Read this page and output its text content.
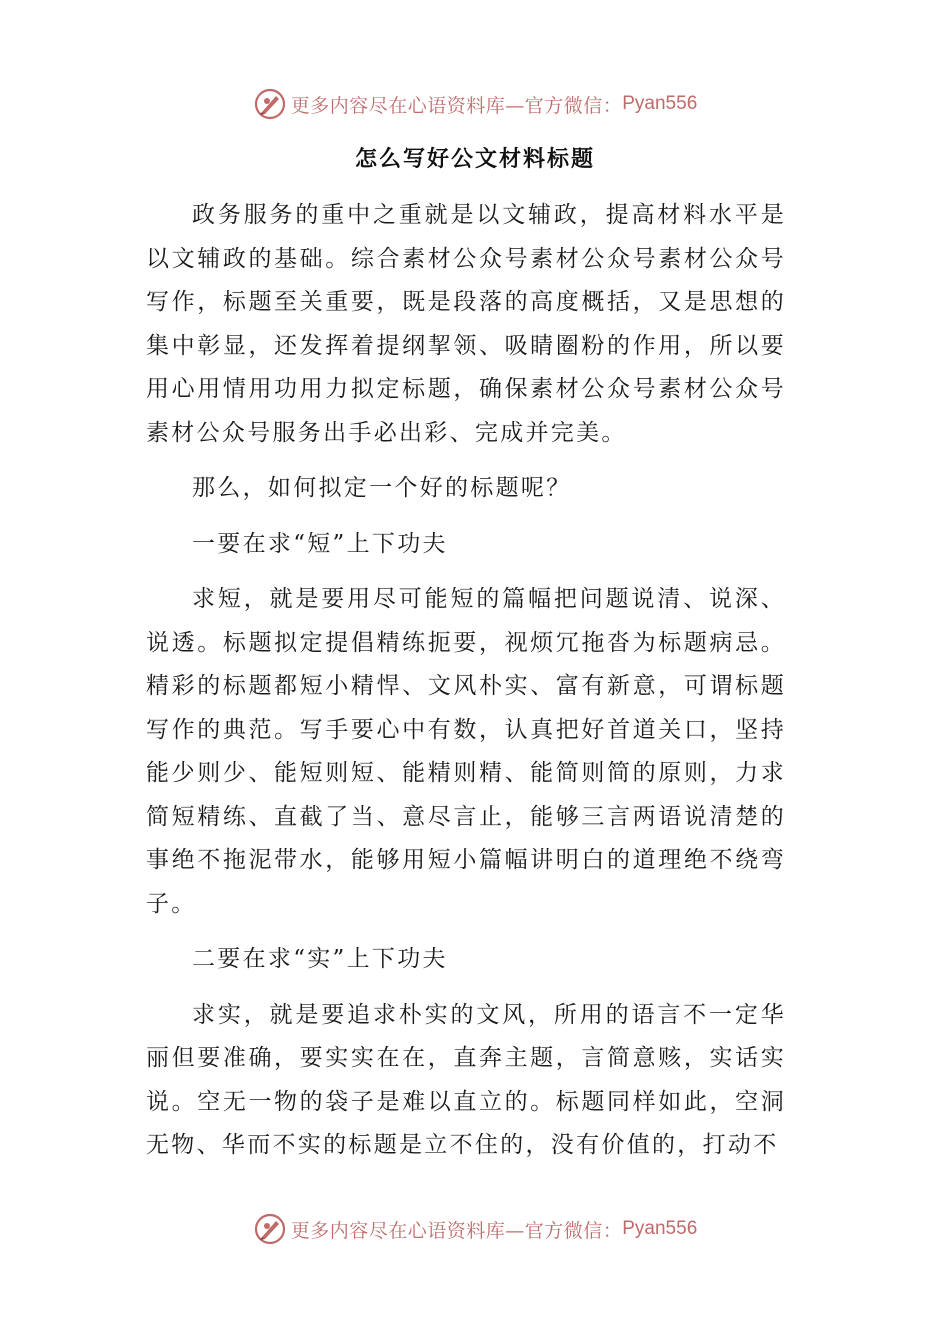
更多内容尽在心语资料库—官方微信： Pyan556
怎么写好公文材料标题

政务服务的重中之重就是以文辅政，提高材料水平是以文辅政的基础。综合素材公众号素材公众号素材公众号写作，标题至关重要，既是段落的高度概括，又是思想的集中彰显，还发挥着提纲挈领、吸睛圈粉的作用，所以要用心用情用功用力拟定标题，确保素材公众号素材公众号素材公众号服务出手必出彩、完成并完美。

那么，如何拟定一个好的标题呢？

一要在求“短”上下功夫

求短，就是要用尽可能短的篇幅把问题说清、说深、说透。标题拟定提倡精练扼要，视烦冗拖沓为标题病忌。精彩的标题都短小精悍、文风朴实、富有新意，可谓标题写作的典范。写手要心中有数，认真把好首道关口，坚持能少则少、能短则短、能精则精、能简则简的原则，力求简短精练、直截了当、意尽言止，能够三言两语说清楚的事绝不拖泥带水，能够用短小篇幅讲明白的道理绝不绕弯子。

二要在求“实”上下功夫

求实，就是要追求朴实的文风，所用的语言不一定华丽但要准确，要实实在在，直奔主题，言简意赅，实话实说。空无一物的袋子是难以直立的。标题同样如此，空洞无物、华而不实的标题是立不住的，没有价值的，打动不

更多内容尽在心语资料库—官方微信： Pyan556
